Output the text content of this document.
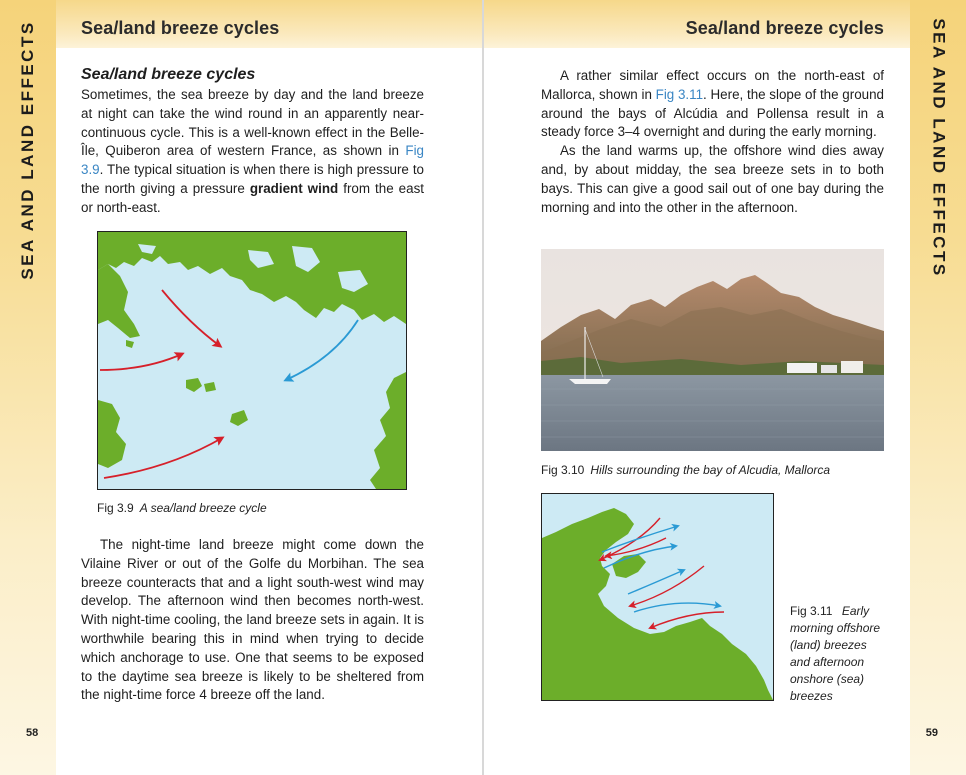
Sea/land breeze cycles
SEA AND LAND EFFECTS
58
Sea/land breeze cycles

Sometimes, the sea breeze by day and the land breeze at night can take the wind round in an apparently near-continuous cycle. This is a well-known effect in the Belle-Île, Quiberon area of western France, as shown in Fig 3.9. The typical situation is when there is high pressure to the north giving a pressure gradient wind from the east or north-east.

Fig 3.9 A sea/land breeze cycle

The night-time land breeze might come down the Vilaine River or out of the Golfe du Morbihan. The sea breeze counteracts that and a light south-west wind may develop. The afternoon wind then becomes north-west. With night-time cooling, the land breeze sets in again. It is worthwhile bearing this in mind when trying to decide which anchorage to use. One that seems to be exposed to the daytime sea breeze is likely to be sheltered from the night-time force 4 breeze off the land.

Sea/land breeze cycles	SEA AND LAND EFFECTS
59

A rather similar effect occurs on the north-east of Mallorca, shown in Fig 3.11. Here, the slope of the ground around the bays of Alcúdia and Pollensa result in a steady force 3–4 overnight and during the early morning.

As the land warms up, the offshore wind dies away and, by about midday, the sea breeze sets in to both bays. This can give a good sail out of one bay during the morning and into the other in the afternoon.

Fig 3.10 Hills surrounding the bay of Alcudia, Mallorca
Fig 3.11 Early morning offshore (land) breezes and afternoon onshore (sea) breezes
